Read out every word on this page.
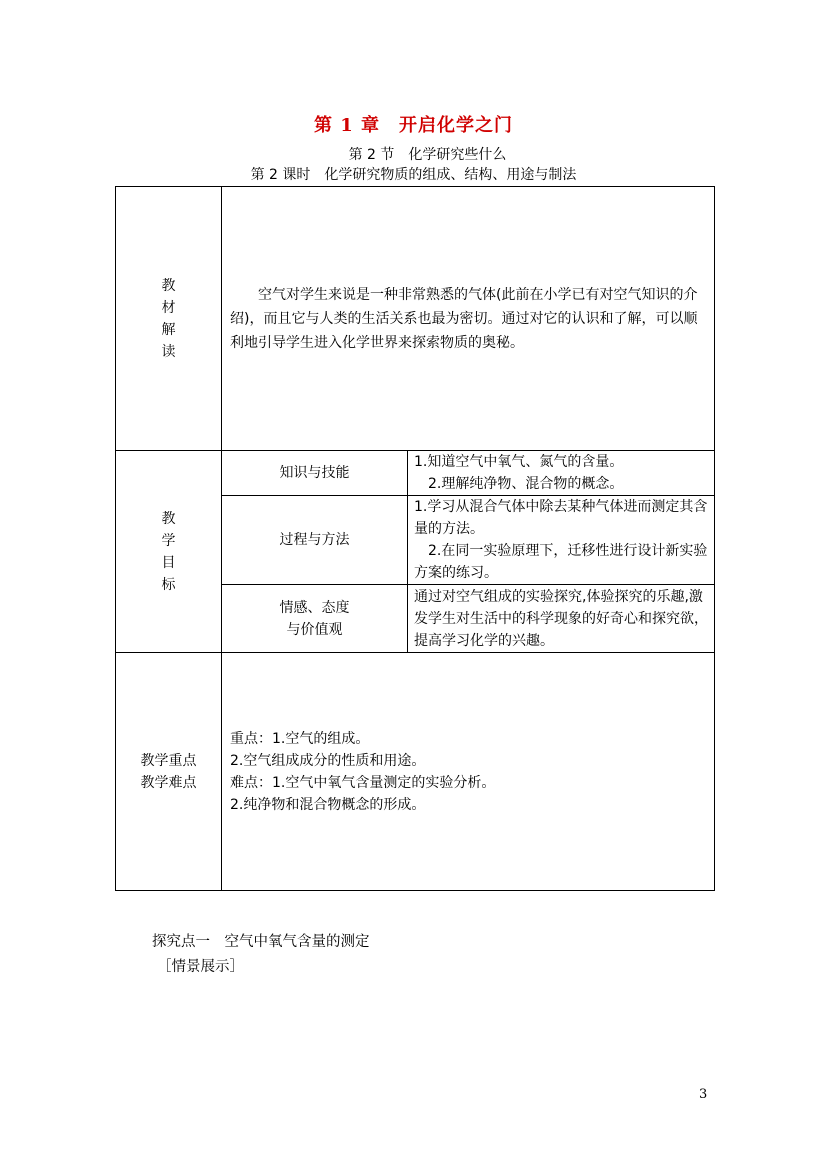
第 1 章　开启化学之门
第 2 节　化学研究些什么
第 2 课时　化学研究物质的组成、结构、用途与制法
教
材
解
读	空气对学生来说是一种非常熟悉的气体(此前在小学已有对空气知识的介绍)，而且它与人类的生活关系也最为密切。通过对它的认识和了解，可以顺利地引导学生进入化学世界来探索物质的奥秘。	

教
学
目
标	知识与技能	1.知道空气中氧气、氮气的含量。
2.理解纯净物、混合物的概念。

	过程与方法	1.学习从混合气体中除去某种气体进而测定其含量的方法。
2.在同一实验原理下，迁移性进行设计新实验方案的练习。

	情感、态度
与价值观	通过对空气组成的实验探究,体验探究的乐趣,激发学生对生活中的科学现象的好奇心和探究欲，提高学习化学的兴趣。

教学重点
教学难点	重点：1.空气的组成。
2.空气组成成分的性质和用途。
难点：1.空气中氧气含量测定的实验分析。
2.纯净物和混合物概念的形成。	
探究点一　空气中氧气含量的测定
［情景展示］
3
